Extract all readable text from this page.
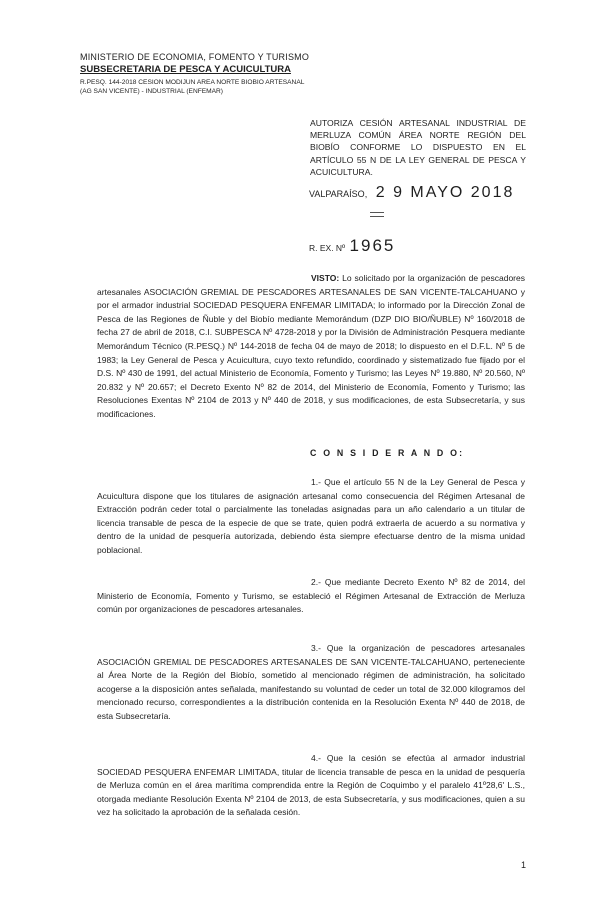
MINISTERIO DE ECONOMIA, FOMENTO Y TURISMO
SUBSECRETARIA DE PESCA Y ACUICULTURA
R.PESQ. 144-2018 CESION MODIJUN AREA NORTE BIOBIO ARTESANAL (AG SAN VICENTE) - INDUSTRIAL (ENFEMAR)
AUTORIZA CESIÓN ARTESANAL INDUSTRIAL DE MERLUZA COMÚN ÁREA NORTE REGIÓN DEL BIOBÍO CONFORME LO DISPUESTO EN EL ARTÍCULO 55 N DE LA LEY GENERAL DE PESCA Y ACUICULTURA.
VALPARAÍSO, 2 9 MAYO 2018
R. EX. Nº 1965

VISTO: Lo solicitado por la organización de pescadores artesanales ASOCIACIÓN GREMIAL DE PESCADORES ARTESANALES DE SAN VICENTE-TALCAHUANO y por el armador industrial SOCIEDAD PESQUERA ENFEMAR LIMITADA; lo informado por la Dirección Zonal de Pesca de las Regiones de Ñuble y del Biobío mediante Memorándum (DZP DIO BIO/ÑUBLE) Nº 160/2018 de fecha 27 de abril de 2018, C.I. SUBPESCA Nº 4728-2018 y por la División de Administración Pesquera mediante Memorándum Técnico (R.PESQ.) Nº 144-2018 de fecha 04 de mayo de 2018; lo dispuesto en el D.F.L. Nº 5 de 1983; la Ley General de Pesca y Acuicultura, cuyo texto refundido, coordinado y sistematizado fue fijado por el D.S. Nº 430 de 1991, del actual Ministerio de Economía, Fomento y Turismo; las Leyes Nº 19.880, Nº 20.560, Nº 20.832 y Nº 20.657; el Decreto Exento Nº 82 de 2014, del Ministerio de Economía, Fomento y Turismo; las Resoluciones Exentas Nº 2104 de 2013 y Nº 440 de 2018, y sus modificaciones, de esta Subsecretaría, y sus modificaciones.

C O N S I D E R A N D O:

1.- Que el artículo 55 N de la Ley General de Pesca y Acuicultura dispone que los titulares de asignación artesanal como consecuencia del Régimen Artesanal de Extracción podrán ceder total o parcialmente las toneladas asignadas para un año calendario a un titular de licencia transable de pesca de la especie de que se trate, quien podrá extraerla de acuerdo a su normativa y dentro de la unidad de pesquería autorizada, debiendo ésta siempre efectuarse dentro de la misma unidad poblacional.

2.- Que mediante Decreto Exento Nº 82 de 2014, del Ministerio de Economía, Fomento y Turismo, se estableció el Régimen Artesanal de Extracción de Merluza común por organizaciones de pescadores artesanales.

3.- Que la organización de pescadores artesanales ASOCIACIÓN GREMIAL DE PESCADORES ARTESANALES DE SAN VICENTE-TALCAHUANO, perteneciente al Área Norte de la Región del Biobío, sometido al mencionado régimen de administración, ha solicitado acogerse a la disposición antes señalada, manifestando su voluntad de ceder un total de 32.000 kilogramos del mencionado recurso, correspondientes a la distribución contenida en la Resolución Exenta Nº 440 de 2018, de esta Subsecretaría.

4.- Que la cesión se efectúa al armador industrial SOCIEDAD PESQUERA ENFEMAR LIMITADA, titular de licencia transable de pesca en la unidad de pesquería de Merluza común en el área marítima comprendida entre la Región de Coquimbo y el paralelo 41º28,6' L.S., otorgada mediante Resolución Exenta Nº 2104 de 2013, de esta Subsecretaría, y sus modificaciones, quien a su vez ha solicitado la aprobación de la señalada cesión.

1
